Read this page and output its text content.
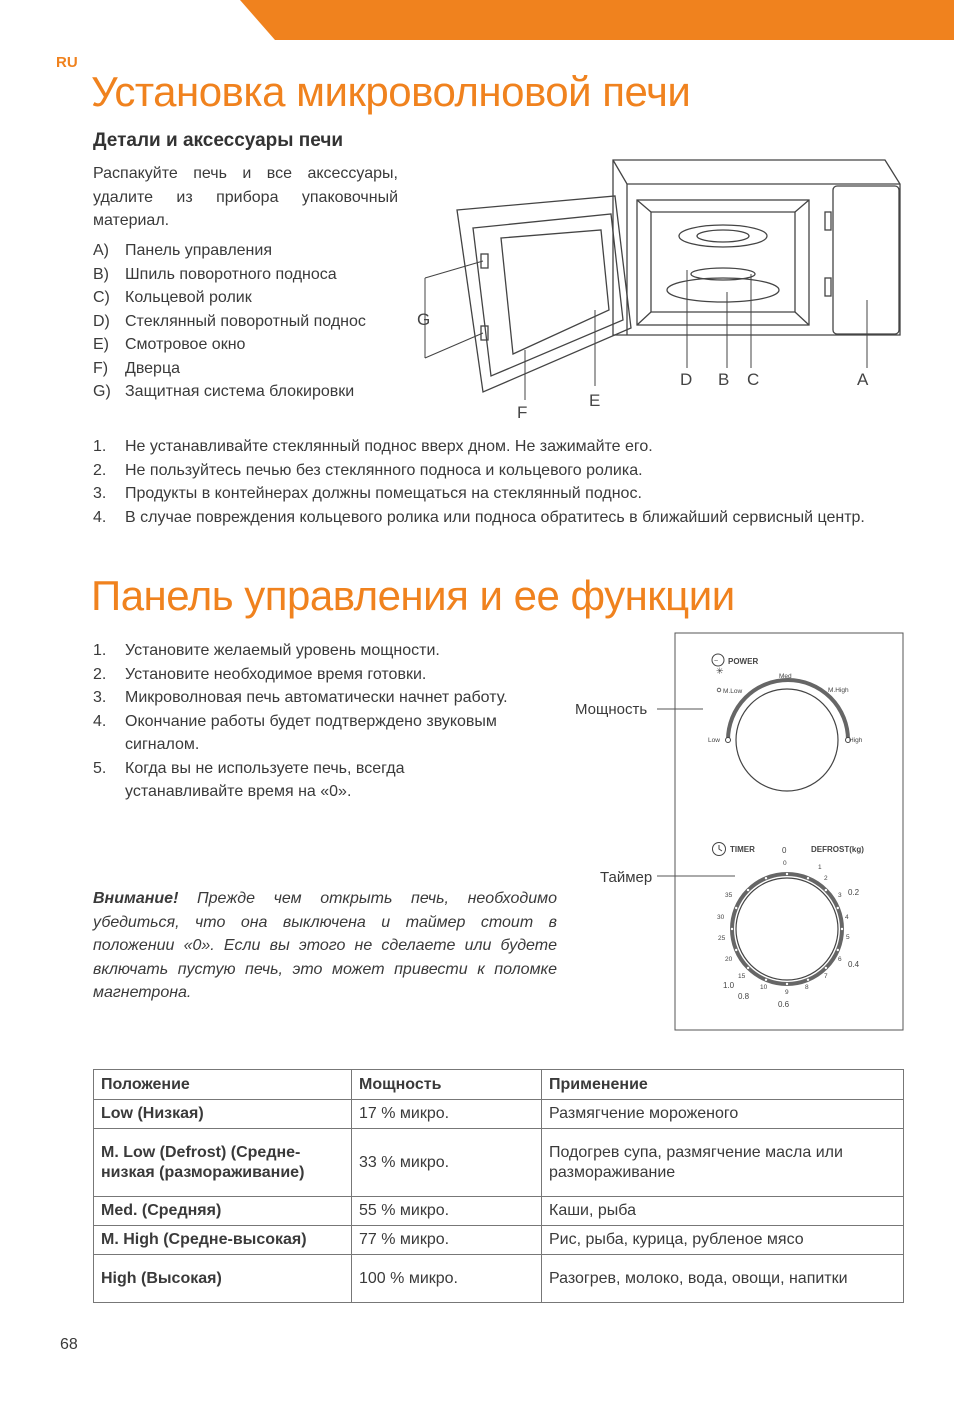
RU
Установка микроволновой печи
Детали и аксессуары печи
Распакуйте печь и все аксессуары, удалите из прибора упаковочный материал.
A) Панель управления
B) Шпиль поворотного подноса
C) Кольцевой ролик
D) Стеклянный поворотный поднос
E) Смотровое окно
F) Дверца
G) Защитная система блокировки
D B C	A
E
F
G
1. Не устанавливайте стеклянный поднос вверх дном. Не зажимайте его.
2. Не пользуйтесь печью без стеклянного подноса и кольцевого ролика.
3. Продукты в контейнерах должны помещаться на стеклянный поднос.
4. В случае повреждения кольцевого ролика или подноса обратитесь в ближайший сервисный центр.
Панель управления и ее функции
1. Установите желаемый уровень мощности.
2. Установите необходимое время готовки.
3. Микроволновая печь автоматически начнет работу.
4. Окончание работы будет подтверждено звуковым сигналом.
5. Когда вы не используете печь, всегда устанавливайте время на «0».
Внимание! Прежде чем открыть печь, необходимо убедиться, что она выключена и таймер стоит в положении «0». Если вы этого не сделаете или будете включать пустую печь, это может привести к поломке магнетрона.
Мощность
Таймер
~ POWER
✳
M.Low
Med
M.High
Low	High
TIMER	DEFROST(kg)
0
0
1
2
3
4
5
6
7
8
9
10
15
20
25
30
35	0.2
0.4
0.6
0.8
1.0
Положение	Мощность	Применение
Low (Низкая)	17 % микро.	Размягчение мороженого
M. Low (Defrost) (Средне-низкая (размораживание)	33 % микро.	Подогрев супа, размягчение масла или размораживание
Med. (Средняя)	55 % микро.	Каши, рыба
M. High (Средне-высокая)	77 % микро.	Рис, рыба, курица, рубленое мясо
High (Высокая)	100 % микро.	Разогрев, молоко, вода, овощи, напитки
68
